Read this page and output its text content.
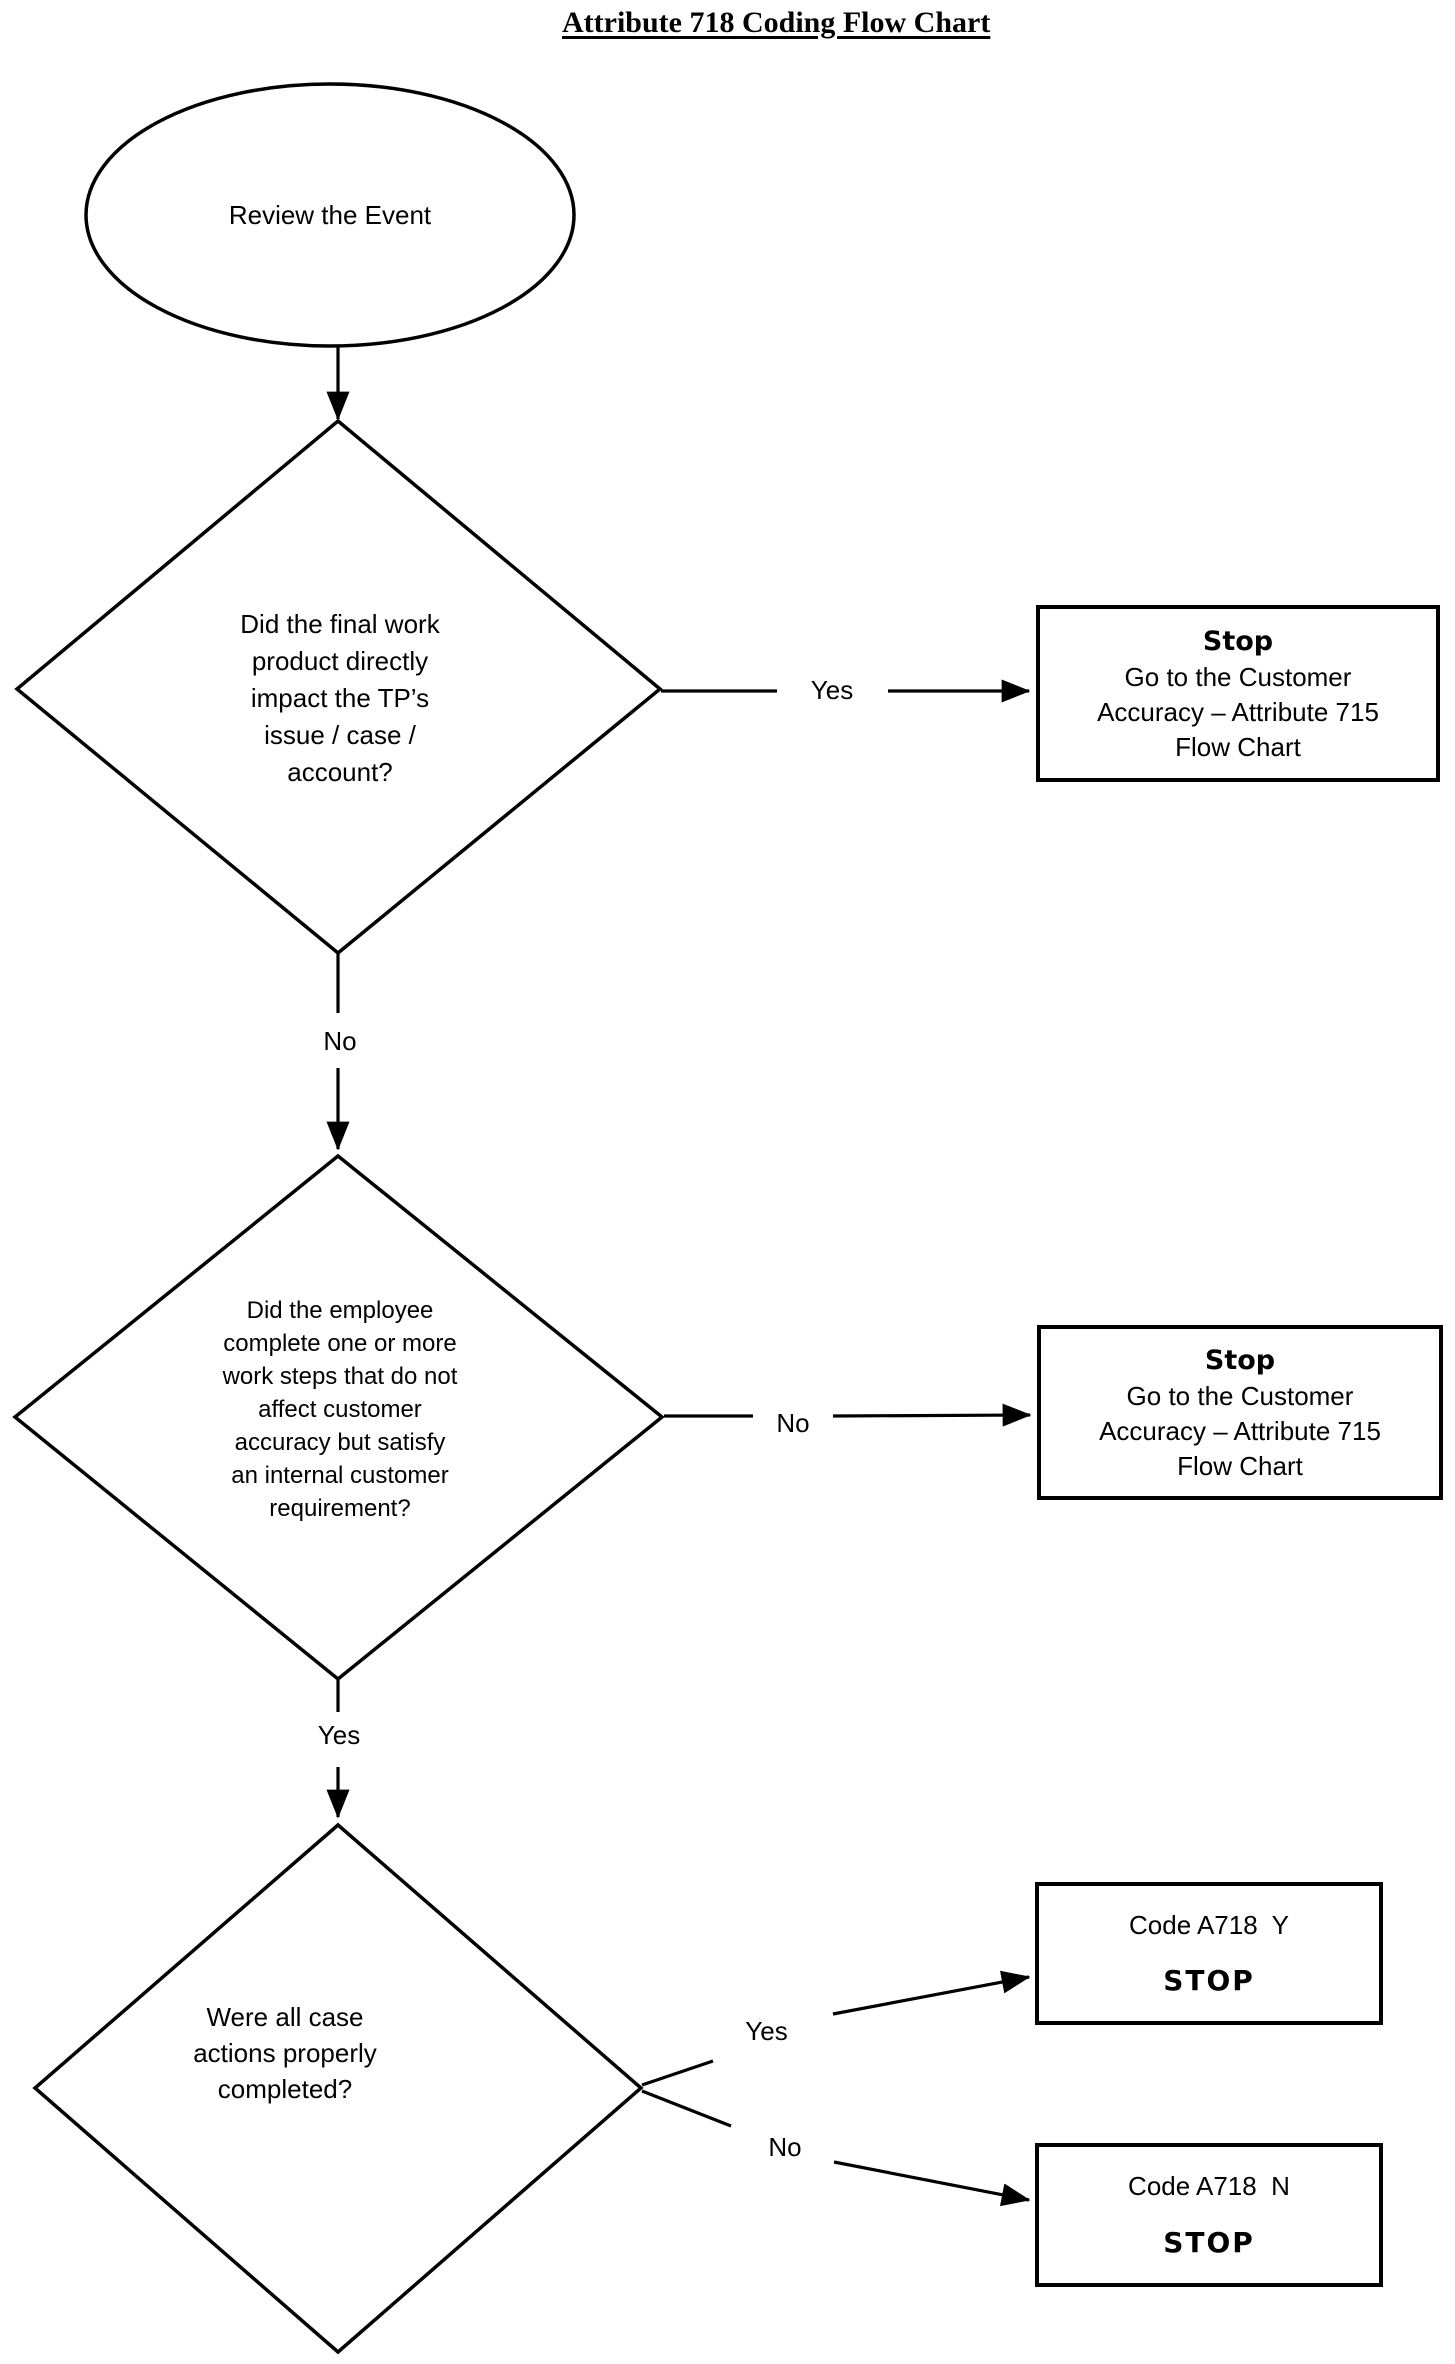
Attribute 718 Coding Flow Chart
Review the Event
Did the final work
product directly
impact the TP’s
issue / case /
account?
Stop
Go to the Customer
Accuracy – Attribute 715
Flow Chart
Did the employee
complete one or more
work steps that do not
affect customer
accuracy but satisfy
an internal customer
requirement?
Stop
Go to the Customer
Accuracy – Attribute 715
Flow Chart
Were all case
actions properly
completed?
Code A718  Y
STOP
Code A718  N
STOP
Yes
No
No
Yes
Yes
No
